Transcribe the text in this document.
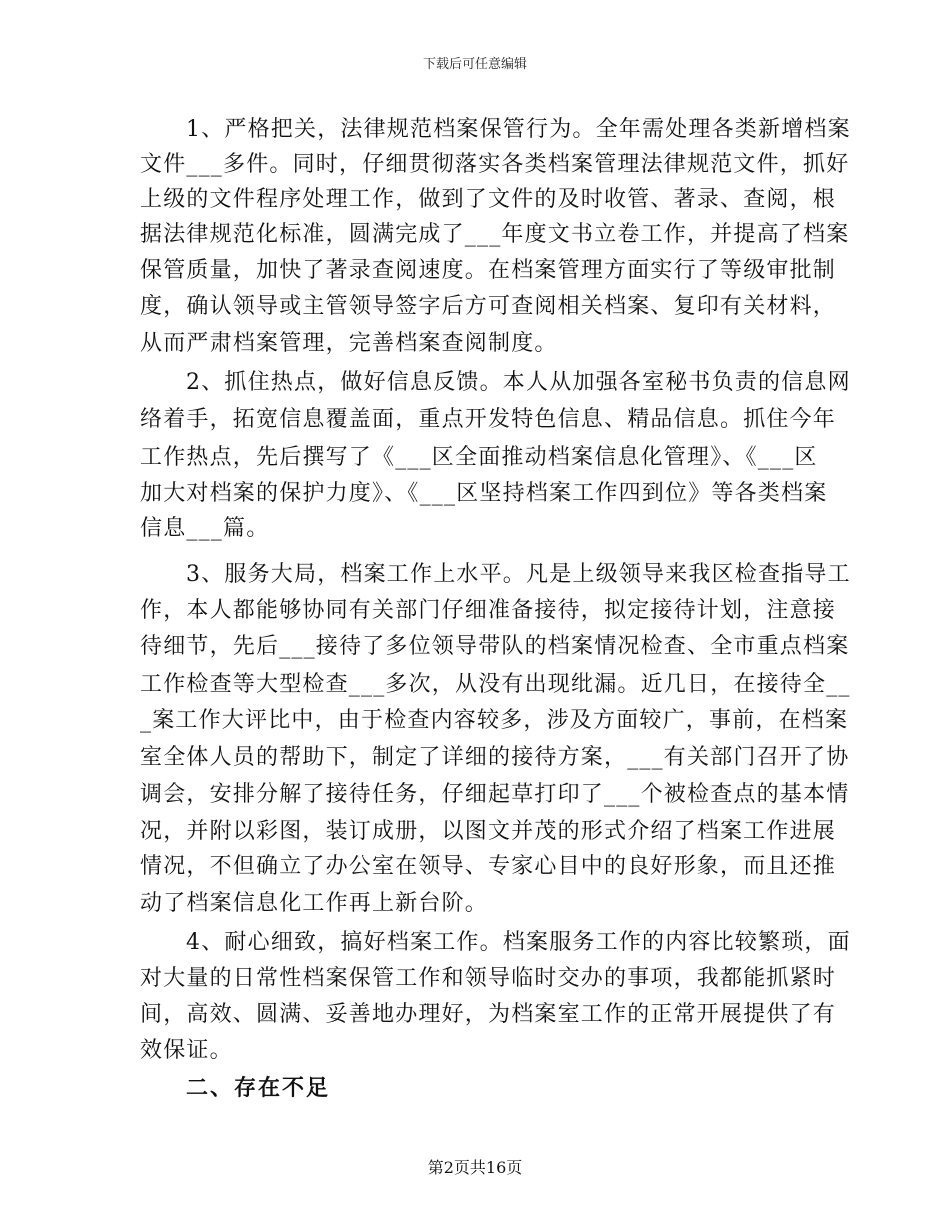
下载后可任意编辑
1、严格把关，法律规范档案保管行为。全年需处理各类新增档案
文件___多件。同时，仔细贯彻落实各类档案管理法律规范文件，抓好
上级的文件程序处理工作，做到了文件的及时收管、著录、查阅，根
据法律规范化标准，圆满完成了___年度文书立卷工作，并提高了档案
保管质量，加快了著录查阅速度。在档案管理方面实行了等级审批制
度，确认领导或主管领导签字后方可查阅相关档案、复印有关材料，
从而严肃档案管理，完善档案查阅制度。
2、抓住热点，做好信息反馈。本人从加强各室秘书负责的信息网
络着手，拓宽信息覆盖面，重点开发特色信息、精品信息。抓住今年
工作热点，先后撰写了《___区全面推动档案信息化管理》、《___区
加大对档案的保护力度》、《___区坚持档案工作四到位》等各类档案
信息___篇。
3、服务大局，档案工作上水平。凡是上级领导来我区检查指导工
作，本人都能够协同有关部门仔细准备接待，拟定接待计划，注意接
待细节，先后___接待了多位领导带队的档案情况检查、全市重点档案
工作检查等大型检查___多次，从没有出现纰漏。近几日，在接待全__
_案工作大评比中，由于检查内容较多，涉及方面较广，事前，在档案
室全体人员的帮助下，制定了详细的接待方案，___有关部门召开了协
调会，安排分解了接待任务，仔细起草打印了___个被检查点的基本情
况，并附以彩图，装订成册，以图文并茂的形式介绍了档案工作进展
情况，不但确立了办公室在领导、专家心目中的良好形象，而且还推
动了档案信息化工作再上新台阶。
4、耐心细致，搞好档案工作。档案服务工作的内容比较繁琐，面
对大量的日常性档案保管工作和领导临时交办的事项，我都能抓紧时
间，高效、圆满、妥善地办理好，为档案室工作的正常开展提供了有
效保证。
二、存在不足
第2页共16页
